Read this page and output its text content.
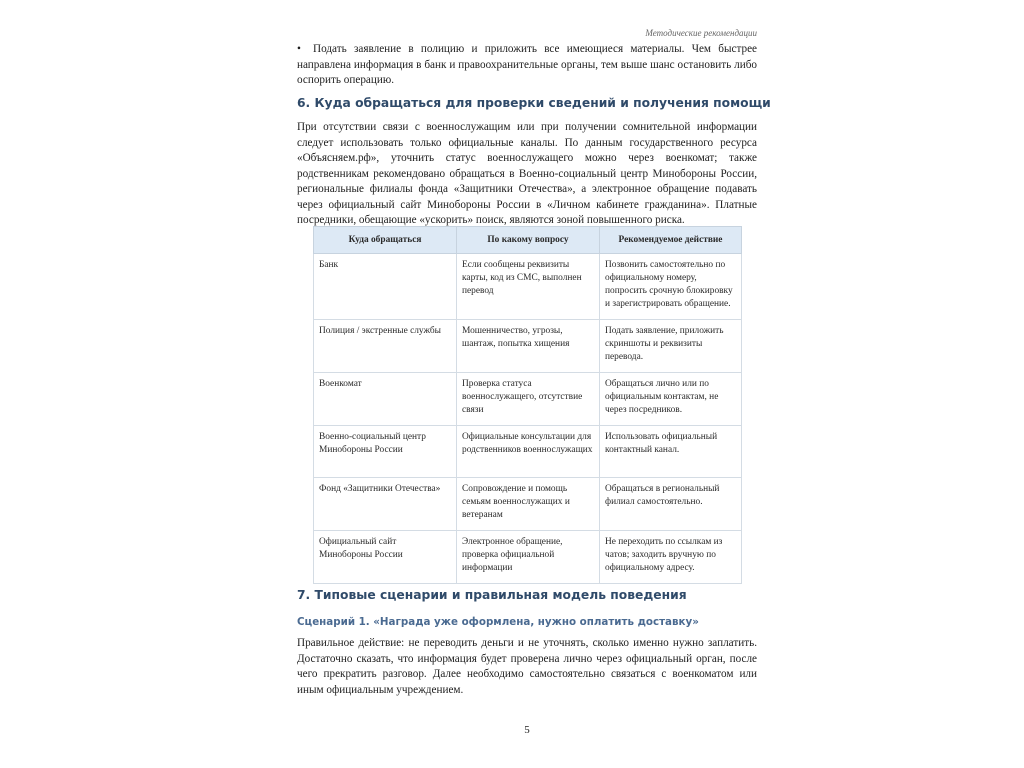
Методические рекомендации
• Подать заявление в полицию и приложить все имеющиеся материалы. Чем быстрее направлена информация в банк и правоохранительные органы, тем выше шанс остановить либо оспорить операцию.
6. Куда обращаться для проверки сведений и получения помощи
При отсутствии связи с военнослужащим или при получении сомнительной информации следует использовать только официальные каналы. По данным государственного ресурса «Объясняем.рф», уточнить статус военнослужащего можно через военкомат; также родственникам рекомендовано обращаться в Военно-социальный центр Минобороны России, региональные филиалы фонда «Защитники Отечества», а электронное обращение подавать через официальный сайт Минобороны России в «Личном кабинете гражданина». Платные посредники, обещающие «ускорить» поиск, являются зоной повышенного риска.
Куда обращаться	По какому вопросу	Рекомендуемое действие
Банк	Если сообщены реквизиты карты, код из СМС, выполнен перевод	Позвонить самостоятельно по официальному номеру, попросить срочную блокировку и зарегистрировать обращение.
Полиция / экстренные службы	Мошенничество, угрозы, шантаж, попытка хищения	Подать заявление, приложить скриншоты и реквизиты перевода.
Военкомат	Проверка статуса военнослужащего, отсутствие связи	Обращаться лично или по официальным контактам, не через посредников.
Военно-социальный центр Минобороны России	Официальные консультации для родственников военнослужащих	Использовать официальный контактный канал.
Фонд «Защитники Отечества»	Сопровождение и помощь семьям военнослужащих и ветеранам	Обращаться в региональный филиал самостоятельно.
Официальный сайт Минобороны России	Электронное обращение, проверка официальной информации	Не переходить по ссылкам из чатов; заходить вручную по официальному адресу.
7. Типовые сценарии и правильная модель поведения
Сценарий 1. «Награда уже оформлена, нужно оплатить доставку»
Правильное действие: не переводить деньги и не уточнять, сколько именно нужно заплатить. Достаточно сказать, что информация будет проверена лично через официальный орган, после чего прекратить разговор. Далее необходимо самостоятельно связаться с военкоматом или иным официальным учреждением.
5
